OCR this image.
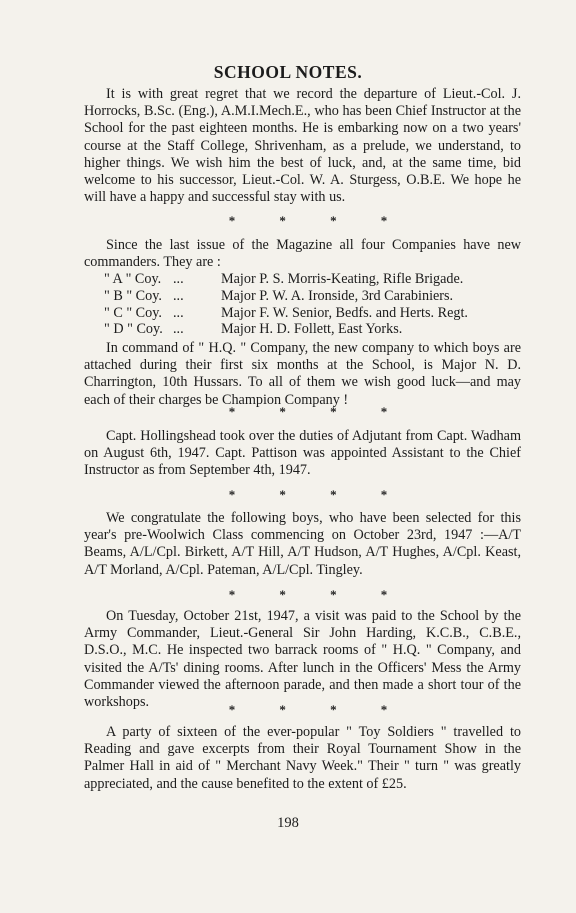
SCHOOL NOTES.

It is with great regret that we record the departure of Lieut.-Col. J. Horrocks, B.Sc. (Eng.), A.M.I.Mech.E., who has been Chief Instructor at the School for the past eighteen months. He is embarking now on a two years' course at the Staff College, Shrivenham, as a prelude, we understand, to higher things. We wish him the best of luck, and, at the same time, bid welcome to his successor, Lieut.-Col. W. A. Sturgess, O.B.E. We hope he will have a happy and successful stay with us.

*	*	*	*

Since the last issue of the Magazine all four Companies have new commanders. They are :

" A " Coy. ...	Major P. S. Morris-Keating, Rifle Brigade.
" B " Coy. ...	Major P. W. A. Ironside, 3rd Carabiniers.
" C " Coy. ...	Major F. W. Senior, Bedfs. and Herts. Regt.
" D " Coy. ...	Major H. D. Follett, East Yorks.

In command of " H.Q. " Company, the new company to which boys are attached during their first six months at the School, is Major N. D. Charrington, 10th Hussars. To all of them we wish good luck—and may each of their charges be Champion Company !

*	*	*	*

Capt. Hollingshead took over the duties of Adjutant from Capt. Wadham on August 6th, 1947. Capt. Pattison was appointed Assistant to the Chief Instructor as from September 4th, 1947.

*	*	*	*

We congratulate the following boys, who have been selected for this year's pre-Woolwich Class commencing on October 23rd, 1947 :—A/T Beams, A/L/Cpl. Birkett, A/T Hill, A/T Hudson, A/T Hughes, A/Cpl. Keast, A/T Morland, A/Cpl. Pateman, A/L/Cpl. Tingley.

*	*	*	*

On Tuesday, October 21st, 1947, a visit was paid to the School by the Army Commander, Lieut.-General Sir John Harding, K.C.B., C.B.E., D.S.O., M.C. He inspected two barrack rooms of " H.Q. " Company, and visited the A/Ts' dining rooms. After lunch in the Officers' Mess the Army Commander viewed the afternoon parade, and then made a short tour of the workshops.	*	*	*	*

A party of sixteen of the ever-popular " Toy Soldiers " travelled to Reading and gave excerpts from their Royal Tournament Show in the Palmer Hall in aid of " Merchant Navy Week." Their " turn " was greatly appreciated, and the cause benefited to the extent of £25.

198
